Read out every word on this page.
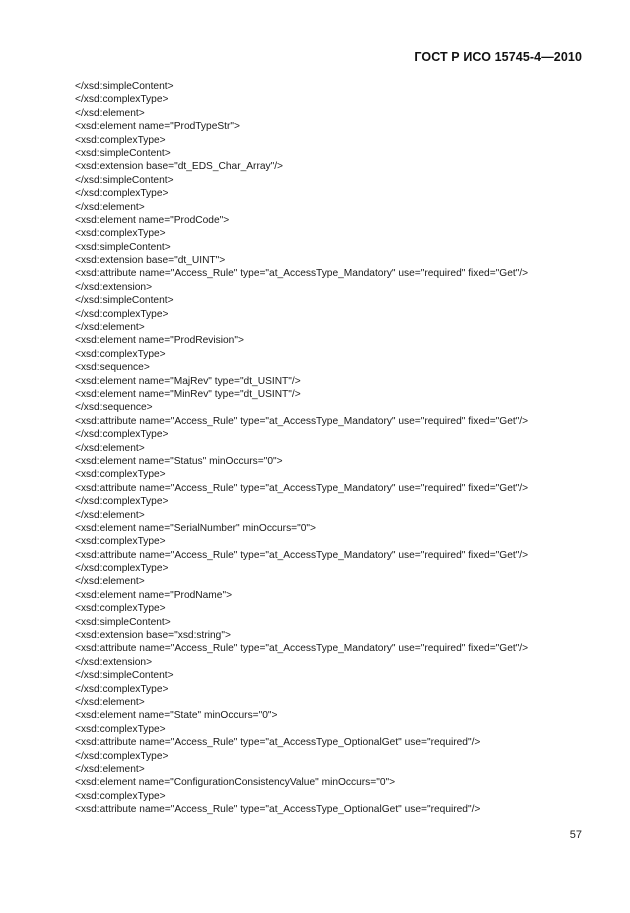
ГОСТ Р ИСО 15745-4—2010
</xsd:simpleContent>
</xsd:complexType>
</xsd:element>
<xsd:element name="ProdTypeStr">
<xsd:complexType>
<xsd:simpleContent>
<xsd:extension base="dt_EDS_Char_Array"/>
</xsd:simpleContent>
</xsd:complexType>
</xsd:element>
<xsd:element name="ProdCode">
<xsd:complexType>
<xsd:simpleContent>
<xsd:extension base="dt_UINT">
<xsd:attribute name="Access_Rule" type="at_AccessType_Mandatory" use="required" fixed="Get"/>
</xsd:extension>
</xsd:simpleContent>
</xsd:complexType>
</xsd:element>
<xsd:element name="ProdRevision">
<xsd:complexType>
<xsd:sequence>
<xsd:element name="MajRev" type="dt_USINT"/>
<xsd:element name="MinRev" type="dt_USINT"/>
</xsd:sequence>
<xsd:attribute name="Access_Rule" type="at_AccessType_Mandatory" use="required" fixed="Get"/>
</xsd:complexType>
</xsd:element>
<xsd:element name="Status" minOccurs="0">
<xsd:complexType>
<xsd:attribute name="Access_Rule" type="at_AccessType_Mandatory" use="required" fixed="Get"/>
</xsd:complexType>
</xsd:element>
<xsd:element name="SerialNumber" minOccurs="0">
<xsd:complexType>
<xsd:attribute name="Access_Rule" type="at_AccessType_Mandatory" use="required" fixed="Get"/>
</xsd:complexType>
</xsd:element>
<xsd:element name="ProdName">
<xsd:complexType>
<xsd:simpleContent>
<xsd:extension base="xsd:string">
<xsd:attribute name="Access_Rule" type="at_AccessType_Mandatory" use="required" fixed="Get"/>
</xsd:extension>
</xsd:simpleContent>
</xsd:complexType>
</xsd:element>
<xsd:element name="State" minOccurs="0">
<xsd:complexType>
<xsd:attribute name="Access_Rule" type="at_AccessType_OptionalGet" use="required"/>
</xsd:complexType>
</xsd:element>
<xsd:element name="ConfigurationConsistencyValue" minOccurs="0">
<xsd:complexType>
<xsd:attribute name="Access_Rule" type="at_AccessType_OptionalGet" use="required"/>
57
